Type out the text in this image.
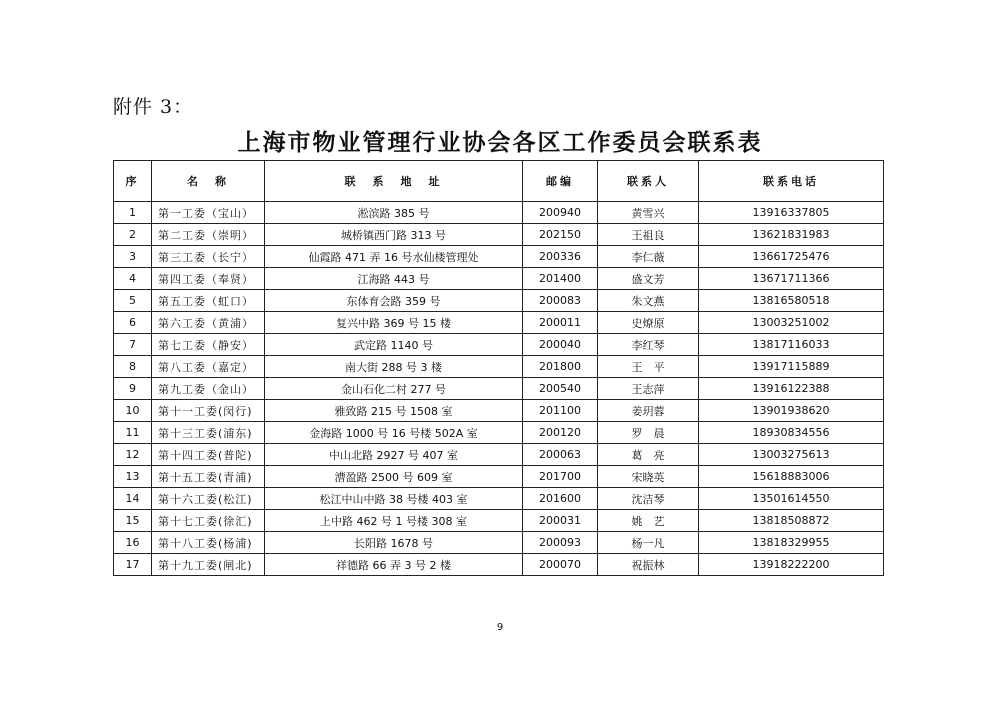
附件 3：
上海市物业管理行业协会各区工作委员会联系表
序	名　称	联　系　地　址	邮编	联系人	联系电话
1	第一工委（宝山）	淞滨路 385 号	200940	黄雪兴	13916337805
2	第二工委（崇明）	城桥镇西门路 313 号	202150	王祖良	13621831983
3	第三工委（长宁）	仙霞路 471 弄 16 号水仙楼管理处	200336	李仁薇	13661725476
4	第四工委（奉贤）	江海路 443 号	201400	盛文芳	13671711366
5	第五工委（虹口）	东体育会路 359 号	200083	朱文燕	13816580518
6	第六工委（黄浦）	复兴中路 369 号 15 楼	200011	史燎原	13003251002
7	第七工委（静安）	武定路 1140 号	200040	李红琴	13817116033
8	第八工委（嘉定）	南大街 288 号 3 楼	201800	王　平	13917115889
9	第九工委（金山）	金山石化二村 277 号	200540	王志萍	13916122388
10	第十一工委(闵行)	雅致路 215 号 1508 室	201100	姜玥蓉	13901938620
11	第十三工委(浦东)	金海路 1000 号 16 号楼 502A 室	200120	罗　晨	18930834556
12	第十四工委(普陀)	中山北路 2927 号 407 室	200063	葛　亮	13003275613
13	第十五工委(青浦)	漕盈路 2500 号 609 室	201700	宋晓英	15618883006
14	第十六工委(松江)	松江中山中路 38 号楼 403 室	201600	沈洁琴	13501614550
15	第十七工委(徐汇)	上中路 462 号 1 号楼 308 室	200031	姚　艺	13818508872
16	第十八工委(杨浦)	长阳路 1678 号	200093	杨一凡	13818329955
17	第十九工委(闸北)	祥德路 66 弄 3 号 2 楼	200070	祝振林	13918222200
9
